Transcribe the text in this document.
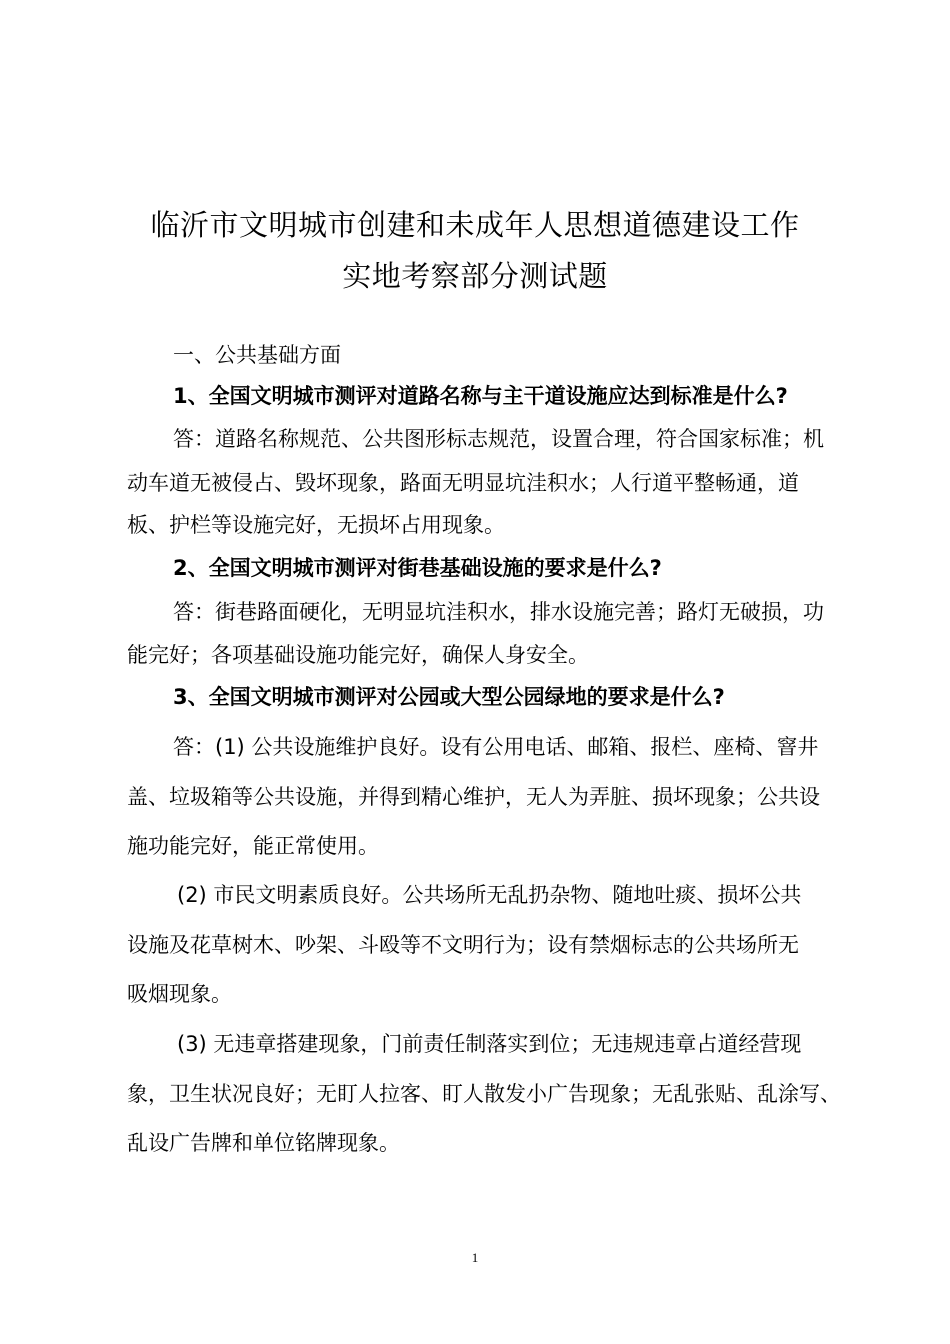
临沂市文明城市创建和未成年人思想道德建设工作
实地考察部分测试题
一、公共基础方面
1、全国文明城市测评对道路名称与主干道设施应达到标准是什么?
答：道路名称规范、公共图形标志规范，设置合理，符合国家标准；机
动车道无被侵占、毁坏现象，路面无明显坑洼积水；人行道平整畅通，道
板、护栏等设施完好，无损坏占用现象。
2、全国文明城市测评对街巷基础设施的要求是什么?
答：街巷路面硬化，无明显坑洼积水，排水设施完善；路灯无破损，功
能完好；各项基础设施功能完好，确保人身安全。
3、全国文明城市测评对公园或大型公园绿地的要求是什么?
答：(1) 公共设施维护良好。设有公用电话、邮箱、报栏、座椅、窨井
盖、垃圾箱等公共设施，并得到精心维护，无人为弄脏、损坏现象；公共设
施功能完好，能正常使用。
(2) 市民文明素质良好。公共场所无乱扔杂物、随地吐痰、损坏公共
设施及花草树木、吵架、斗殴等不文明行为；设有禁烟标志的公共场所无
吸烟现象。
(3) 无违章搭建现象，门前责任制落实到位；无违规违章占道经营现
象，卫生状况良好；无盯人拉客、盯人散发小广告现象；无乱张贴、乱涂写、
乱设广告牌和单位铭牌现象。
1
